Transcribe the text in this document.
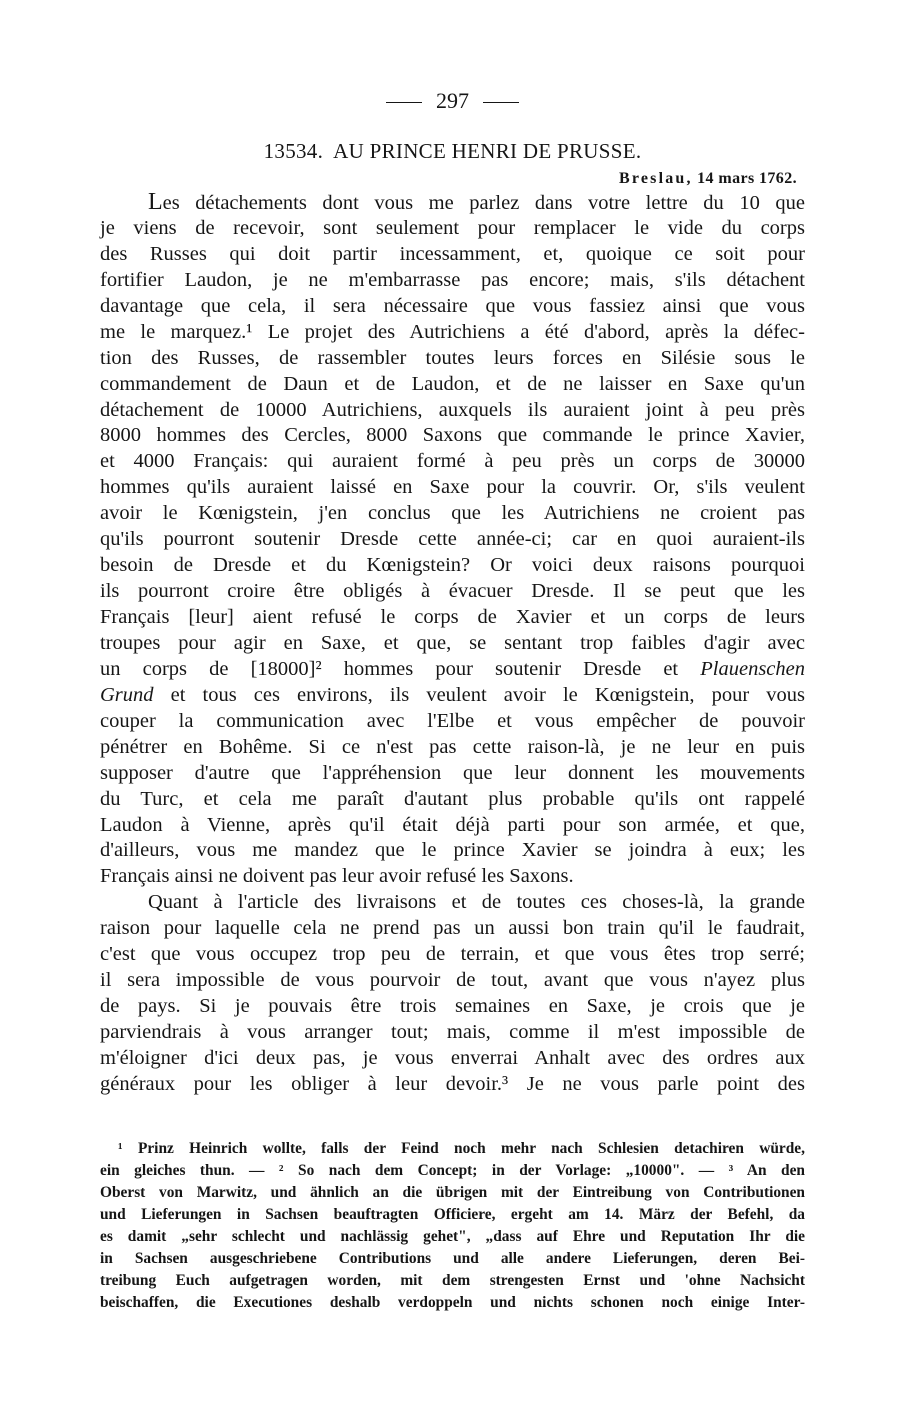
297
13534. AU PRINCE HENRI DE PRUSSE.
Breslau, 14 mars 1762.
Les détachements dont vous me parlez dans votre lettre du 10 que
je viens de recevoir, sont seulement pour remplacer le vide du corps
des Russes qui doit partir incessamment, et, quoique ce soit pour
fortifier Laudon, je ne m'embarrasse pas encore; mais, s'ils détachent
davantage que cela, il sera nécessaire que vous fassiez ainsi que vous
me le marquez.¹ Le projet des Autrichiens a été d'abord, après la défec-
tion des Russes, de rassembler toutes leurs forces en Silésie sous le
commandement de Daun et de Laudon, et de ne laisser en Saxe qu'un
détachement de 10000 Autrichiens, auxquels ils auraient joint à peu près
8000 hommes des Cercles, 8000 Saxons que commande le prince Xavier,
et 4000 Français: qui auraient formé à peu près un corps de 30000
hommes qu'ils auraient laissé en Saxe pour la couvrir. Or, s'ils veulent
avoir le Kœnigstein, j'en conclus que les Autrichiens ne croient pas
qu'ils pourront soutenir Dresde cette année-ci; car en quoi auraient-ils
besoin de Dresde et du Kœnigstein? Or voici deux raisons pourquoi
ils pourront croire être obligés à évacuer Dresde. Il se peut que les
Français [leur] aient refusé le corps de Xavier et un corps de leurs
troupes pour agir en Saxe, et que, se sentant trop faibles d'agir avec
un corps de [18000]² hommes pour soutenir Dresde et Plauenschen
Grund et tous ces environs, ils veulent avoir le Kœnigstein, pour vous
couper la communication avec l'Elbe et vous empêcher de pouvoir
pénétrer en Bohême. Si ce n'est pas cette raison-là, je ne leur en puis
supposer d'autre que l'appréhension que leur donnent les mouvements
du Turc, et cela me paraît d'autant plus probable qu'ils ont rappelé
Laudon à Vienne, après qu'il était déjà parti pour son armée, et que,
d'ailleurs, vous me mandez que le prince Xavier se joindra à eux; les
Français ainsi ne doivent pas leur avoir refusé les Saxons.
Quant à l'article des livraisons et de toutes ces choses-là, la grande
raison pour laquelle cela ne prend pas un aussi bon train qu'il le faudrait,
c'est que vous occupez trop peu de terrain, et que vous êtes trop serré;
il sera impossible de vous pourvoir de tout, avant que vous n'ayez plus
de pays. Si je pouvais être trois semaines en Saxe, je crois que je
parviendrais à vous arranger tout; mais, comme il m'est impossible de
m'éloigner d'ici deux pas, je vous enverrai Anhalt avec des ordres aux
généraux pour les obliger à leur devoir.³ Je ne vous parle point des
¹ Prinz Heinrich wollte, falls der Feind noch mehr nach Schlesien detachiren würde,
ein gleiches thun. — ² So nach dem Concept; in der Vorlage: „10000". — ³ An den
Oberst von Marwitz, und ähnlich an die übrigen mit der Eintreibung von Contributionen
und Lieferungen in Sachsen beauftragten Officiere, ergeht am 14. März der Befehl, da
es damit „sehr schlecht und nachlässig gehet", „dass auf Ehre und Reputation Ihr die
in Sachsen ausgeschriebene Contributions und alle andere Lieferungen, deren Bei-
treibung Euch aufgetragen worden, mit dem strengesten Ernst und 'ohne Nachsicht
beischaffen, die Executiones deshalb verdoppeln und nichts schonen noch einige Inter-
